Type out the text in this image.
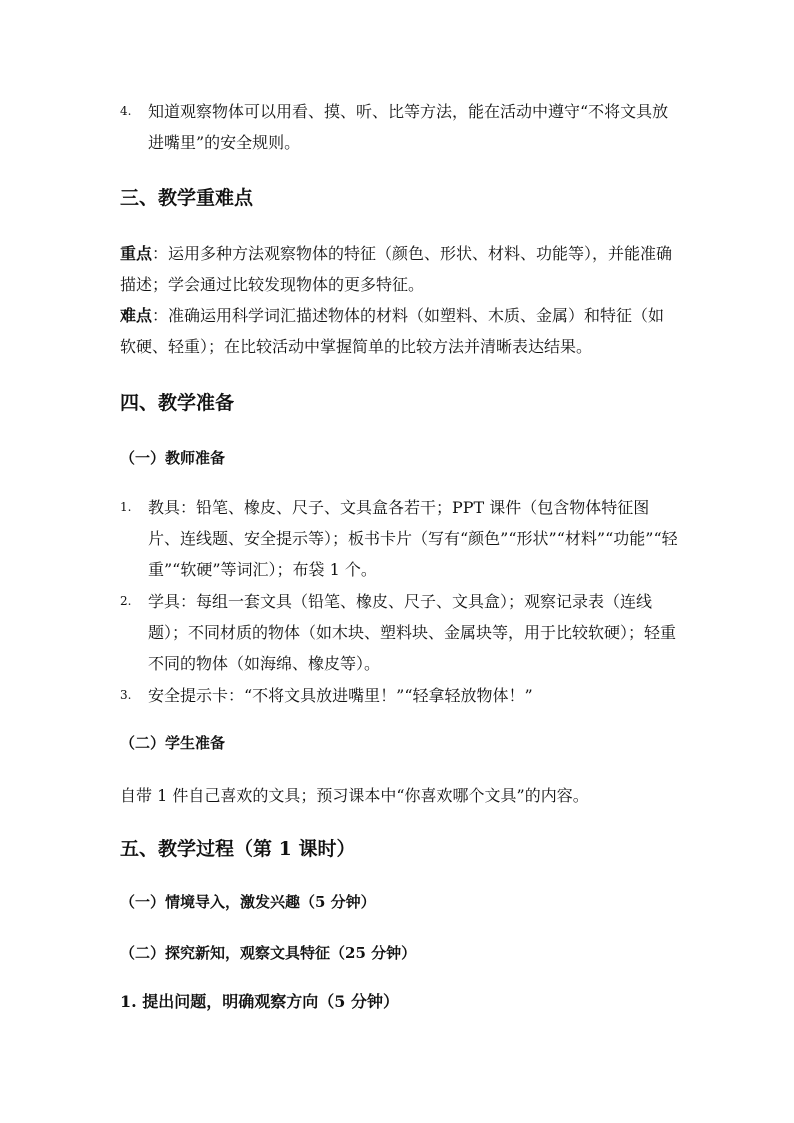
4. 知道观察物体可以用看、摸、听、比等方法，能在活动中遵守“不将文具放进嘴里”的安全规则。
三、教学重难点
重点：运用多种方法观察物体的特征（颜色、形状、材料、功能等），并能准确描述；学会通过比较发现物体的更多特征。
难点：准确运用科学词汇描述物体的材料（如塑料、木质、金属）和特征（如软硬、轻重）；在比较活动中掌握简单的比较方法并清晰表达结果。
四、教学准备
（一）教师准备
1. 教具：铅笔、橡皮、尺子、文具盒各若干；PPT 课件（包含物体特征图片、连线题、安全提示等）；板书卡片（写有“颜色”“形状”“材料”“功能”“轻重”“软硬”等词汇）；布袋 1 个。
2. 学具：每组一套文具（铅笔、橡皮、尺子、文具盒）；观察记录表（连线题）；不同材质的物体（如木块、塑料块、金属块等，用于比较软硬）；轻重不同的物体（如海绵、橡皮等）。
3. 安全提示卡：“不将文具放进嘴里！”“轻拿轻放物体！”
（二）学生准备
自带 1 件自己喜欢的文具；预习课本中“你喜欢哪个文具”的内容。
五、教学过程（第 1 课时）
（一）情境导入，激发兴趣（5 分钟）
（二）探究新知，观察文具特征（25 分钟）
1. 提出问题，明确观察方向（5 分钟）
